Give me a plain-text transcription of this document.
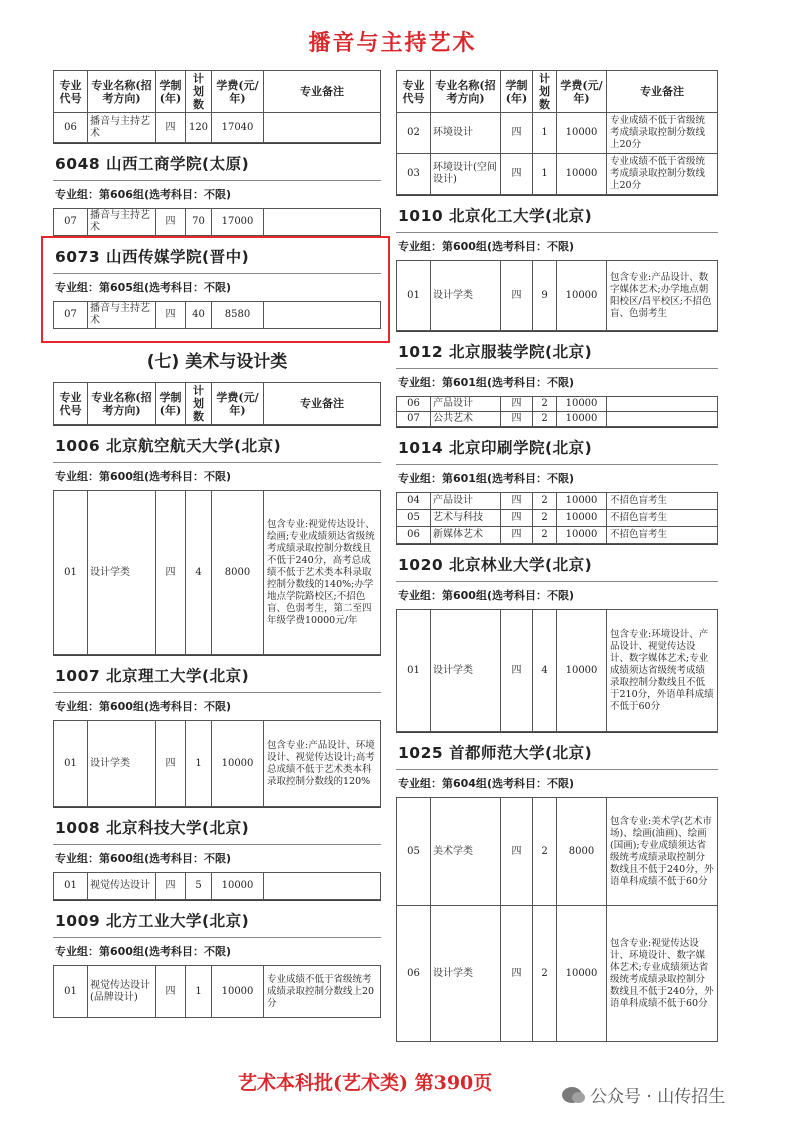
播音与主持艺术
专业代号	专业名称(招考方向)	学制(年)	计划数	学费(元/年)	专业备注
06	播音与主持艺术	四	120	17040	
6048 山西工商学院(太原)
专业组：第606组(选考科目：不限)
07	播音与主持艺术	四	70	17000	
6073 山西传媒学院(晋中)
专业组：第605组(选考科目：不限)
07	播音与主持艺术	四	40	8580	
(七) 美术与设计类
专业代号	专业名称(招考方向)	学制(年)	计划数	学费(元/年)	专业备注
1006 北京航空航天大学(北京)
专业组：第600组(选考科目：不限)
01	设计学类	四	4	8000	包含专业:视觉传达设计、绘画;专业成绩须达省级统考成绩录取控制分数线且不低于240分，高考总成绩不低于艺术类本科录取控制分数线的140%;办学地点学院路校区;不招色盲、色弱考生，第二至四年级学费10000元/年
1007 北京理工大学(北京)
专业组：第600组(选考科目：不限)
01	设计学类	四	1	10000	包含专业:产品设计、环境设计、视觉传达设计;高考总成绩不低于艺术类本科录取控制分数线的120%
1008 北京科技大学(北京)
专业组：第600组(选考科目：不限)
01	视觉传达设计	四	5	10000	
1009 北方工业大学(北京)
专业组：第600组(选考科目：不限)
01	视觉传达设计(品牌设计)	四	1	10000	专业成绩不低于省级统考成绩录取控制分数线上20分
专业代号	专业名称(招考方向)	学制(年)	计划数	学费(元/年)	专业备注
02	环境设计	四	1	10000	专业成绩不低于省级统考成绩录取控制分数线上20分
03	环境设计(空间设计)	四	1	10000	专业成绩不低于省级统考成绩录取控制分数线上20分
1010 北京化工大学(北京)
专业组：第600组(选考科目：不限)
01	设计学类	四	9	10000	包含专业:产品设计、数字媒体艺术;办学地点朝阳校区/昌平校区;不招色盲、色弱考生
1012 北京服装学院(北京)
专业组：第601组(选考科目：不限)
06	产品设计	四	2	10000	
07	公共艺术	四	2	10000	
1014 北京印刷学院(北京)
专业组：第601组(选考科目：不限)
04	产品设计	四	2	10000	不招色盲考生
05	艺术与科技	四	2	10000	不招色盲考生
06	新媒体艺术	四	2	10000	不招色盲考生
1020 北京林业大学(北京)
专业组：第600组(选考科目：不限)
01	设计学类	四	4	10000	包含专业:环境设计、产品设计、视觉传达设计、数字媒体艺术;专业成绩须达省级统考成绩录取控制分数线且不低于210分，外语单科成绩不低于60分
1025 首都师范大学(北京)
专业组：第604组(选考科目：不限)
05	美术学类	四	2	8000	包含专业:美术学(艺术市场)、绘画(油画)、绘画(国画);专业成绩须达省级统考成绩录取控制分数线且不低于240分，外语单科成绩不低于60分
06	设计学类	四	2	10000	包含专业:视觉传达设计、环境设计、数字媒体艺术;专业成绩须达省级统考成绩录取控制分数线且不低于240分，外语单科成绩不低于60分
艺术本科批(艺术类) 第390页
公众号 · 山传招生
